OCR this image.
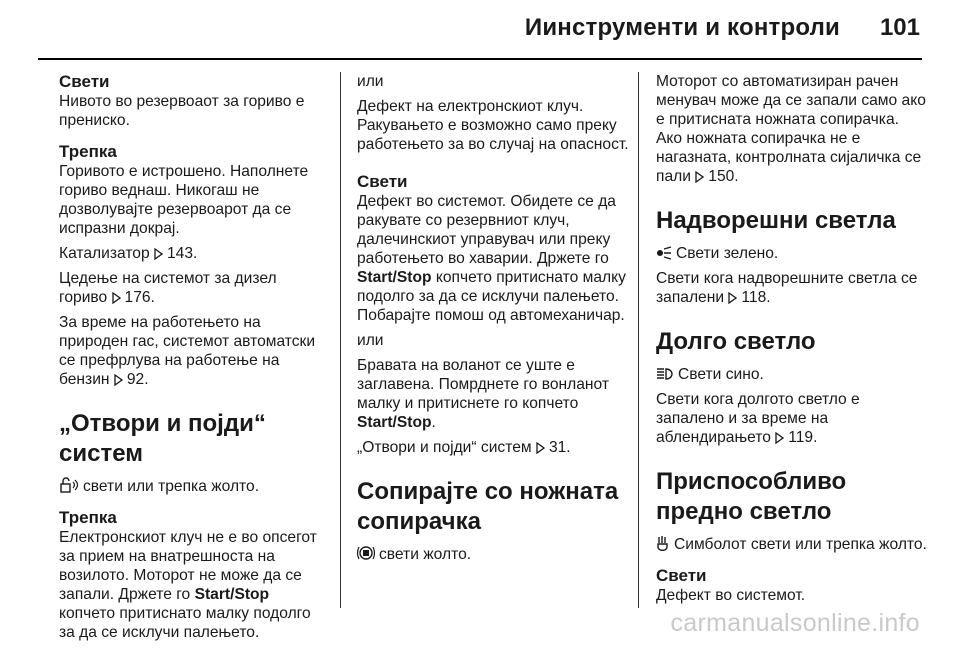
Иинструменти и контроли 101
Свети

Нивото во резервоаот за гориво е прениско.

Трепка

Горивото е истрошено. Наполнете гориво веднаш. Никогаш не дозволувајте резервоарот да се испразни докрај.

Катализатор 143.

Цедење на системот за дизел гориво 176.

За време на работењето на природен гас, системот автоматски се префрлува на работење на бензин 92.

„Отвори и појди“ систем

свети или трепка жолто.

Трепка

Електронскиот клуч не е во опсегот за прием на внатрешноста на возилото. Моторот не може да се запали. Држете го Start/Stop копчето притиснато малку подолго за да се исклучи палењето.

или

Дефект на електронскиот клуч. Ракувањето е возможно само преку работењето за во случај на опасност.

Свети

Дефект во системот. Обидете се да ракувате со резервниот клуч, далечинскиот управувач или преку работењето во хаварии. Држете го Start/Stop копчето притиснато малку подолго за да се исклучи палењето. Побарајте помош од автомеханичар.

или

Бравата на воланот се уште е заглавена. Помрднете го вонланот малку и притиснете го копчето Start/Stop.

„Отвори и појди“ систем 31.

Сопирајте со ножната сопирачка

свети жолто.

Моторот со автоматизиран рачен менувач може да се запали само ако е притисната ножната сопирачка. Ако ножната сопирачка не е нагазната, контролната сијаличка се пали 150.

Надворешни светла

Свети зелено.

Свети кога надворешните светла се запалени 118.

Долго светло

Свети сино.

Свети кога долгото светло е запалено и за време на аблендирањето 119.

Приспособливо предно светло

Симболот свети или трепка жолто.

Свети

Дефект во системот.

carmanualsonline.info
